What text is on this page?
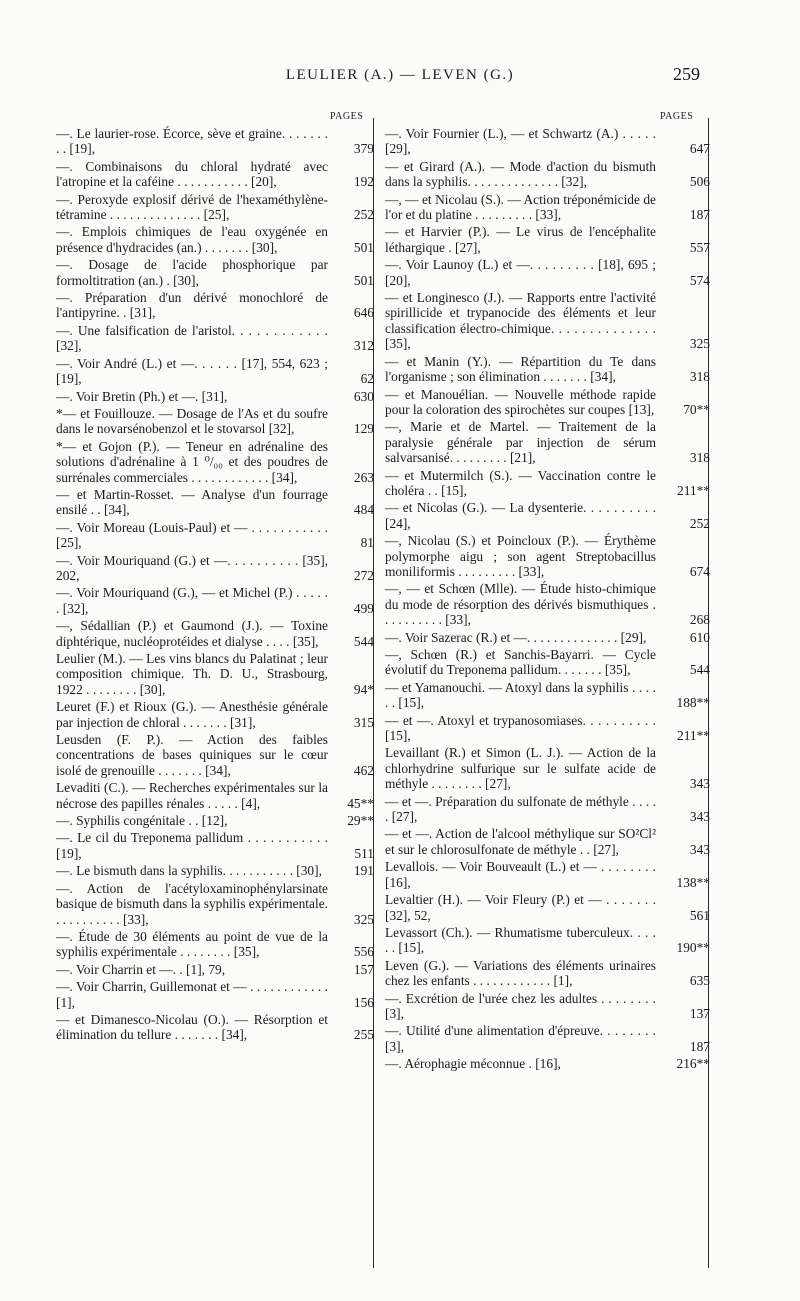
LEULIER (A.) — LEVEN (G.)	259
PAGES	PAGES
—. Le laurier-rose. Écorce, sève et graine. . . . . . . . . [19],	379
—. Combinaisons du chloral hydraté avec l'atropine et la caféine . . . . . . . . . . . [20],	192
—. Peroxyde explosif dérivé de l'hexaméthylène-tétramine . . . . . . . . . . . . . . [25],	252
—. Emplois chimiques de l'eau oxygénée en présence d'hydracides (an.) . . . . . . . [30],	501
—. Dosage de l'acide phosphorique par formoltitration (an.) . [30],	501
—. Préparation d'un dérivé monochloré de l'antipyrine. . [31],	646
—. Une falsification de l'aristol. . . . . . . . . . . . [32],	312
—. Voir André (L.) et —. . . . . . [17], 554, 623 ; [19],	62
—. Voir Bretin (Ph.) et —. [31],	630
*— et Fouillouze. — Dosage de l'As et du soufre dans le novarsénobenzol et le stovarsol [32],	129
*— et Gojon (P.). — Teneur en adrénaline des solutions d'adrénaline à 1 ⁰/₀₀ et des poudres de surrénales commerciales . . . . . . . . . . . . [34],	263
— et Martin-Rosset. — Analyse d'un fourrage ensilé . . [34],	484
—. Voir Moreau (Louis-Paul) et — . . . . . . . . . . . [25],	81
—. Voir Mouriquand (G.) et —. . . . . . . . . . [35], 202,	272
—. Voir Mouriquand (G.), — et Michel (P.) . . . . . . [32],	499
—, Sédallian (P.) et Gaumond (J.). — Toxine diphtérique, nucléoprotéides et dialyse . . . . [35],	544
Leulier (M.). — Les vins blancs du Palatinat ; leur composition chimique. Th. D. U., Strasbourg, 1922 . . . . . . . . [30],	94*
Leuret (F.) et Rioux (G.). — Anesthésie générale par injection de chloral . . . . . . . [31],	315
Leusden (F. P.). — Action des faibles concentrations de bases quiniques sur le cœur isolé de grenouille . . . . . . . [34],	462
Levaditi (C.). — Recherches expérimentales sur la nécrose des papilles rénales . . . . . [4],	45**
—. Syphilis congénitale . . [12],	29**
—. Le cil du Treponema pallidum . . . . . . . . . . . [19],	511
—. Le bismuth dans la syphilis. . . . . . . . . . . [30],	191
—. Action de l'acétyloxaminophénylarsinate basique de bismuth dans la syphilis expérimentale. . . . . . . . . . . [33],	325
—. Étude de 30 éléments au point de vue de la syphilis expérimentale . . . . . . . . [35],	556
—. Voir Charrin et —. . [1], 79,	157
—. Voir Charrin, Guillemonat et — . . . . . . . . . . . . [1],	156
— et Dimanesco-Nicolau (O.). — Résorption et élimination du tellure . . . . . . . [34],	255
—. Voir Fournier (L.), — et Schwartz (A.) . . . . . [29],	647
— et Girard (A.). — Mode d'action du bismuth dans la syphilis. . . . . . . . . . . . . . [32],	506
—, — et Nicolau (S.). — Action tréponémicide de l'or et du platine . . . . . . . . . [33],	187
— et Harvier (P.). — Le virus de l'encéphalite léthargique . [27],	557
—. Voir Launoy (L.) et —. . . . . . . . . [18], 695 ; [20],	574
— et Longinesco (J.). — Rapports entre l'activité spirillicide et trypanocide des éléments et leur classification électro-chimique. . . . . . . . . . . . . . [35],	325
— et Manin (Y.). — Répartition du Te dans l'organisme ; son élimination . . . . . . . [34],	318
— et Manouélian. — Nouvelle méthode rapide pour la coloration des spirochètes sur coupes [13],	70**
—, Marie et de Martel. — Traitement de la paralysie générale par injection de sérum salvarsanisé. . . . . . . . . [21],	318
— et Mutermilch (S.). — Vaccination contre le choléra . . [15],	211**
— et Nicolas (G.). — La dysenterie. . . . . . . . . . [24],	252
—, Nicolau (S.) et Poincloux (P.). — Érythème polymorphe aigu ; son agent Streptobacillus moniliformis . . . . . . . . . [33],	674
—, — et Schœn (Mlle). — Étude histo-chimique du mode de résorption des dérivés bismuthiques . . . . . . . . . . [33],	268
—. Voir Sazerac (R.) et —. . . . . . . . . . . . . . [29],	610
—, Schœn (R.) et Sanchis-Bayarri. — Cycle évolutif du Treponema pallidum. . . . . . . [35],	544
— et Yamanouchi. — Atoxyl dans la syphilis . . . . . . [15],	188**
— et —. Atoxyl et trypanosomiases. . . . . . . . . . [15],	211**
Levaillant (R.) et Simon (L. J.). — Action de la chlorhydrine sulfurique sur le sulfate acide de méthyle . . . . . . . . [27],	343
— et —. Préparation du sulfonate de méthyle . . . . . [27],	343
— et —. Action de l'alcool méthylique sur SO²Cl² et sur le chlorosulfonate de méthyle . . [27],	343
Levallois. — Voir Bouveault (L.) et — . . . . . . . . [16],	138**
Levaltier (H.). — Voir Fleury (P.) et — . . . . . . . [32], 52,	561
Levassort (Ch.). — Rhumatisme tuberculeux. . . . . . [15],	190**
Leven (G.). — Variations des éléments urinaires chez les enfants . . . . . . . . . . . . [1],	635
—. Excrétion de l'urée chez les adultes . . . . . . . . [3],	137
—. Utilité d'une alimentation d'épreuve. . . . . . . . [3],	187
—. Aérophagie méconnue . [16],	216**
